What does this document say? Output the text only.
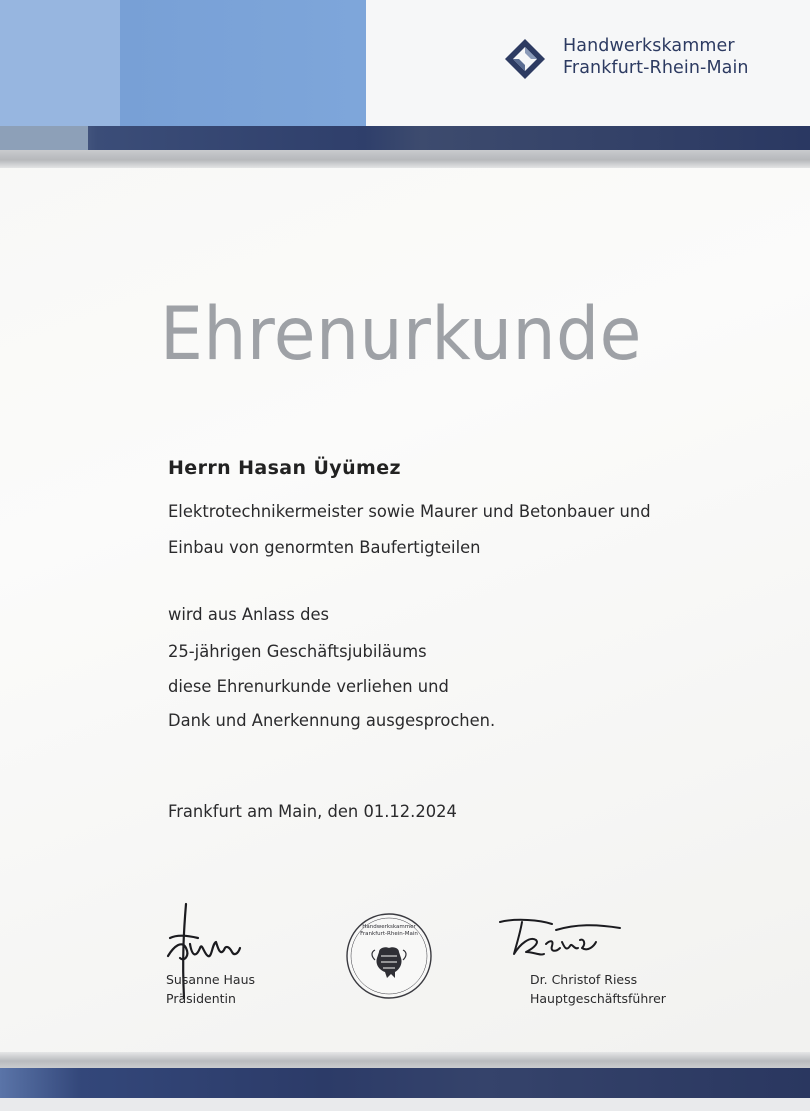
Handwerkskammer
Frankfurt-Rhein-Main
Ehrenurkunde
Herrn Hasan Üyümez
Elektrotechnikermeister sowie Maurer und Betonbauer und
Einbau von genormten Baufertigteilen
wird aus Anlass des
25-jährigen Geschäftsjubiläums
diese Ehrenurkunde verliehen und
Dank und Anerkennung ausgesprochen.
Frankfurt am Main, den 01.12.2024
Susanne Haus
Präsidentin
Handwerkskammer
Frankfurt-Rhein-Main
Dr. Christof Riess
Hauptgeschäftsführer
